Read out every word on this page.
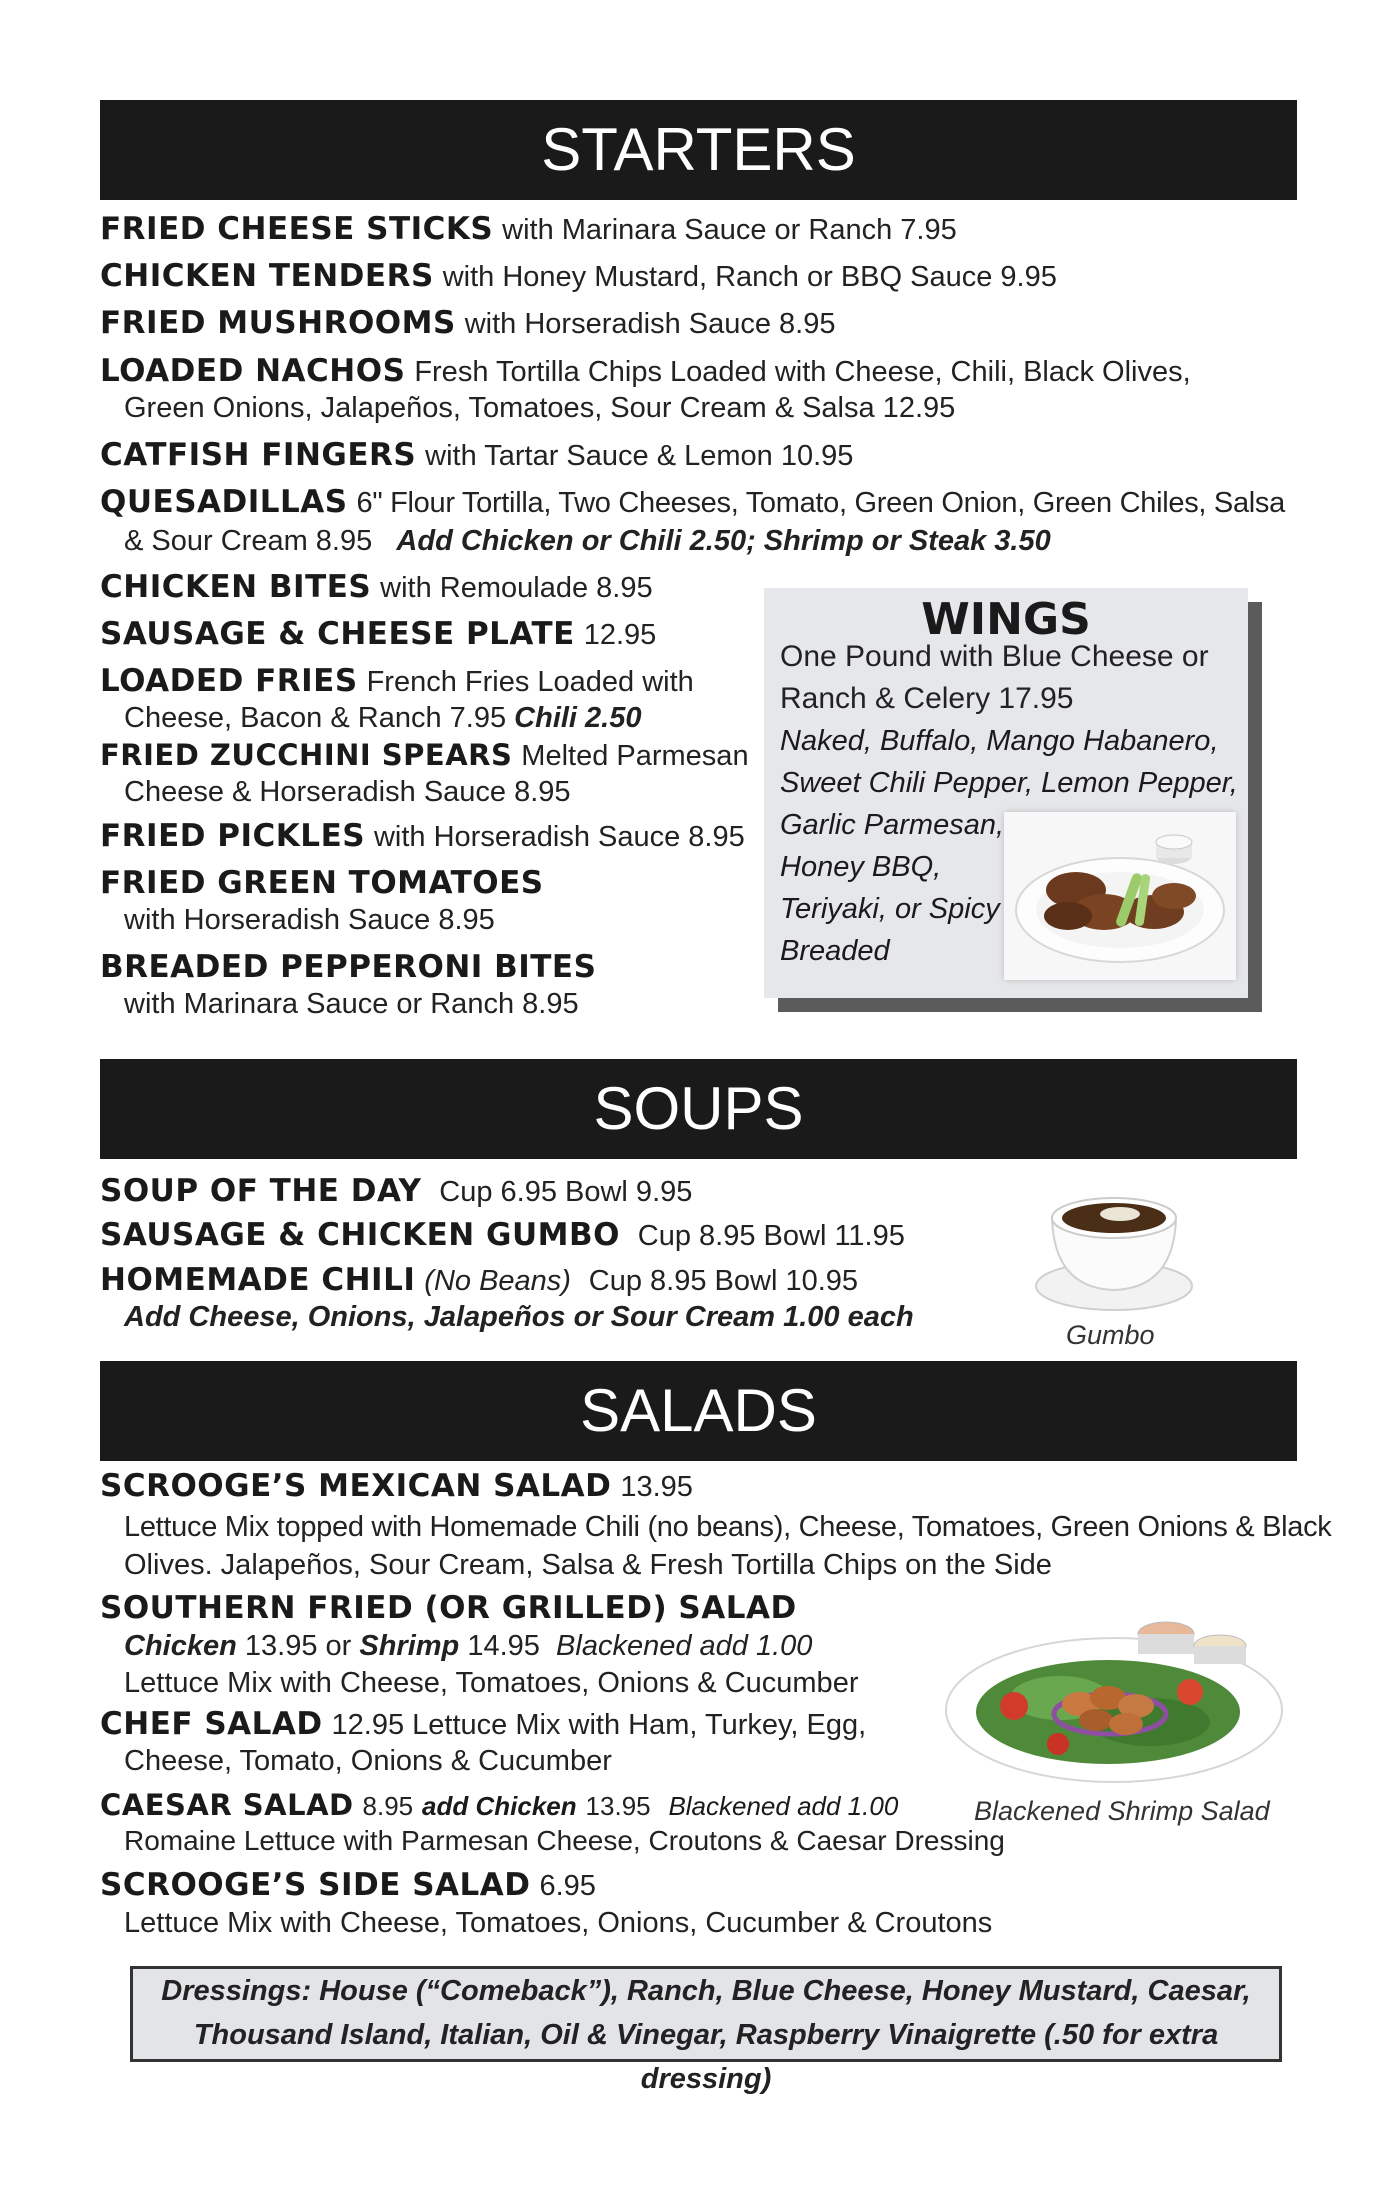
STARTERS
FRIED CHEESE STICKS with Marinara Sauce or Ranch 7.95
CHICKEN TENDERS with Honey Mustard, Ranch or BBQ Sauce 9.95
FRIED MUSHROOMS with Horseradish Sauce 8.95
LOADED NACHOS Fresh Tortilla Chips Loaded with Cheese, Chili, Black Olives,
Green Onions, Jalapeños, Tomatoes, Sour Cream & Salsa 12.95
CATFISH FINGERS with Tartar Sauce & Lemon 10.95
QUESADILLAS 6" Flour Tortilla, Two Cheeses, Tomato, Green Onion, Green Chiles, Salsa
& Sour Cream 8.95 Add Chicken or Chili 2.50; Shrimp or Steak 3.50
CHICKEN BITES with Remoulade 8.95
SAUSAGE & CHEESE PLATE 12.95
LOADED FRIES French Fries Loaded with
Cheese, Bacon & Ranch 7.95 Chili 2.50
FRIED ZUCCHINI SPEARS Melted Parmesan
Cheese & Horseradish Sauce 8.95
FRIED PICKLES with Horseradish Sauce 8.95
FRIED GREEN TOMATOES
with Horseradish Sauce 8.95
BREADED PEPPERONI BITES
with Marinara Sauce or Ranch 8.95
WINGS
One Pound with Blue Cheese or
Ranch & Celery 17.95
Naked, Buffalo, Mango Habanero,
Sweet Chili Pepper, Lemon Pepper,
Garlic Parmesan,
Honey BBQ,
Teriyaki, or Spicy
Breaded
SOUPS
SOUP OF THE DAY Cup 6.95 Bowl 9.95
SAUSAGE & CHICKEN GUMBO Cup 8.95 Bowl 11.95
HOMEMADE CHILI (No Beans) Cup 8.95 Bowl 10.95
Add Cheese, Onions, Jalapeños or Sour Cream 1.00 each
Gumbo
SALADS
SCROOGE’S MEXICAN SALAD 13.95
Lettuce Mix topped with Homemade Chili (no beans), Cheese, Tomatoes, Green Onions & Black
Olives. Jalapeños, Sour Cream, Salsa & Fresh Tortilla Chips on the Side
SOUTHERN FRIED (OR GRILLED) SALAD
Chicken 13.95 or Shrimp 14.95 Blackened add 1.00
Lettuce Mix with Cheese, Tomatoes, Onions & Cucumber
CHEF SALAD 12.95 Lettuce Mix with Ham, Turkey, Egg,
Cheese, Tomato, Onions & Cucumber
CAESAR SALAD 8.95 add Chicken 13.95 Blackened add 1.00
Romaine Lettuce with Parmesan Cheese, Croutons & Caesar Dressing
SCROOGE’S SIDE SALAD 6.95
Lettuce Mix with Cheese, Tomatoes, Onions, Cucumber & Croutons
Blackened Shrimp Salad
Dressings: House (“Comeback”), Ranch, Blue Cheese, Honey Mustard, Caesar,
Thousand Island, Italian, Oil & Vinegar, Raspberry Vinaigrette (.50 for extra dressing)
